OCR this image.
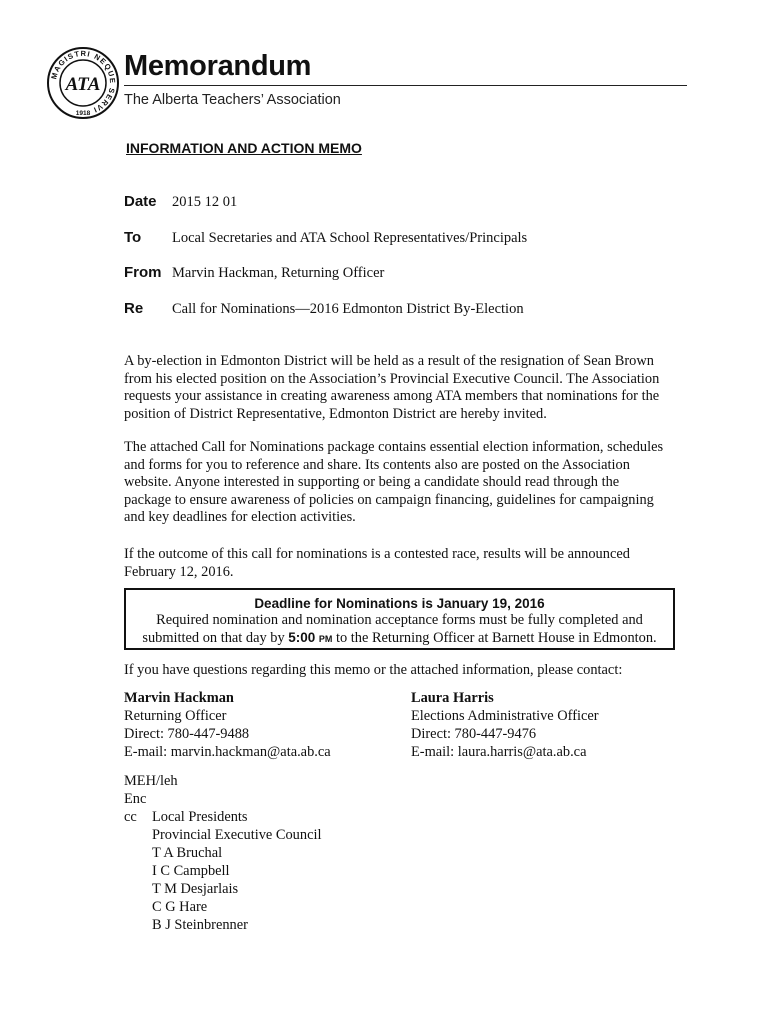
MAGISTRI NEQUE SERVI
1918
ATA
Memorandum
The Alberta Teachers’ Association
INFORMATION AND ACTION MEMO
Date 2015 12 01
To Local Secretaries and ATA School Representatives/Principals
From Marvin Hackman, Returning Officer
Re Call for Nominations—2016 Edmonton District By-Election

A by-election in Edmonton District will be held as a result of the resignation of Sean Brown from his elected position on the Association’s Provincial Executive Council. The Association requests your assistance in creating awareness among ATA members that nominations for the position of District Representative, Edmonton District are hereby invited.

The attached Call for Nominations package contains essential election information, schedules and forms for you to reference and share. Its contents also are posted on the Association website. Anyone interested in supporting or being a candidate should read through the package to ensure awareness of policies on campaign financing, guidelines for campaigning and key deadlines for election activities.

If the outcome of this call for nominations is a contested race, results will be announced February 12, 2016.

Deadline for Nominations is January 19, 2016
Required nomination and nomination acceptance forms must be fully completed and
submitted on that day by 5:00 PM to the Returning Officer at Barnett House in Edmonton.
If you have questions regarding this memo or the attached information, please contact:
Marvin Hackman
Returning Officer
Direct: 780-447-9488
E-mail: marvin.hackman@ata.ab.ca
Laura Harris
Elections Administrative Officer
Direct: 780-447-9476
E-mail: laura.harris@ata.ab.ca
MEH/leh
Enc
cc Local Presidents
Provincial Executive Council
T A Bruchal
I C Campbell
T M Desjarlais
C G Hare
B J Steinbrenner
